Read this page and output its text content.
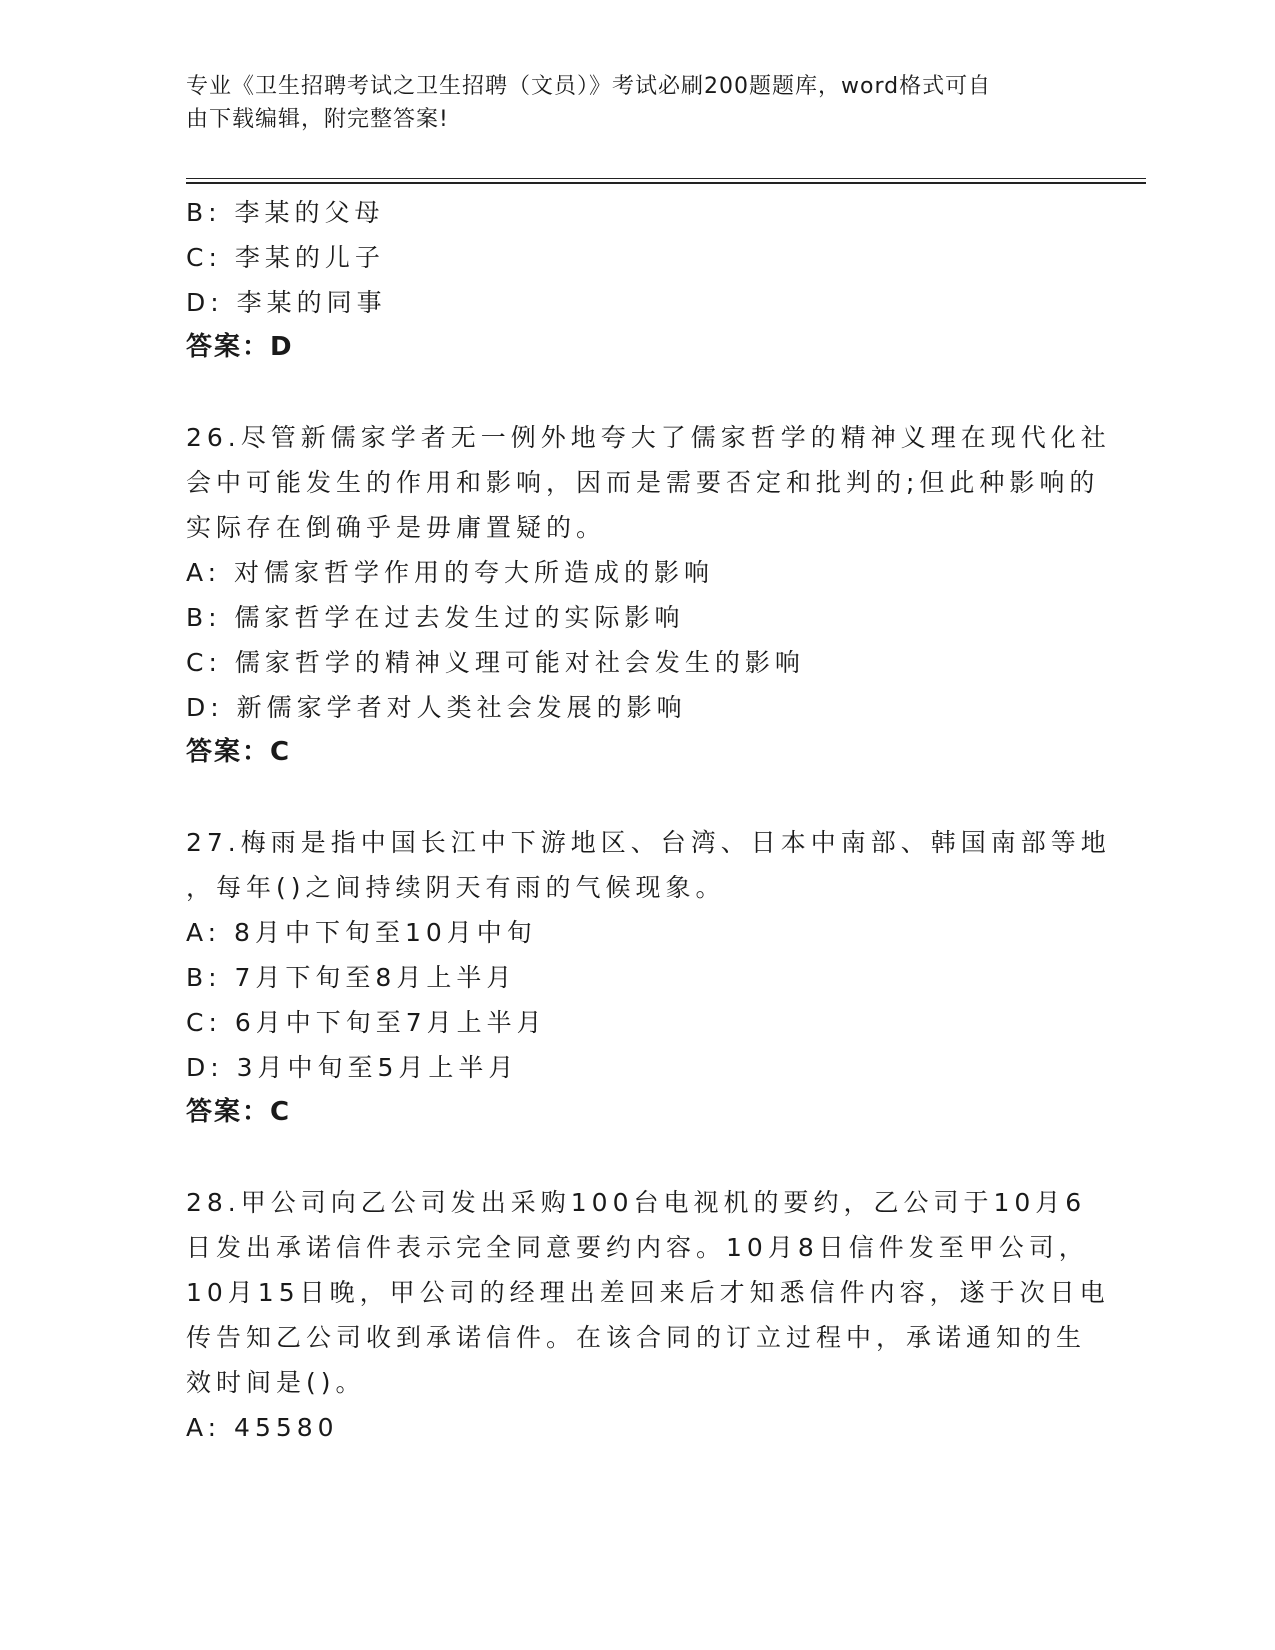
专业《卫生招聘考试之卫生招聘（文员）》考试必刷200题题库，word格式可自
由下载编辑，附完整答案!
B: 李某的父母
C: 李某的儿子
D: 李某的同事
答案：D
26.尽管新儒家学者无一例外地夸大了儒家哲学的精神义理在现代化社
会中可能发生的作用和影响，因而是需要否定和批判的;但此种影响的
实际存在倒确乎是毋庸置疑的。
A: 对儒家哲学作用的夸大所造成的影响
B: 儒家哲学在过去发生过的实际影响
C: 儒家哲学的精神义理可能对社会发生的影响
D: 新儒家学者对人类社会发展的影响
答案：C
27.梅雨是指中国长江中下游地区、台湾、日本中南部、韩国南部等地
，每年()之间持续阴天有雨的气候现象。
A: 8月中下旬至10月中旬
B: 7月下旬至8月上半月
C: 6月中下旬至7月上半月
D: 3月中旬至5月上半月
答案：C
28.甲公司向乙公司发出采购100台电视机的要约，乙公司于10月6
日发出承诺信件表示完全同意要约内容。10月8日信件发至甲公司，
10月15日晚，甲公司的经理出差回来后才知悉信件内容，遂于次日电
传告知乙公司收到承诺信件。在该合同的订立过程中，承诺通知的生
效时间是()。
A: 45580
